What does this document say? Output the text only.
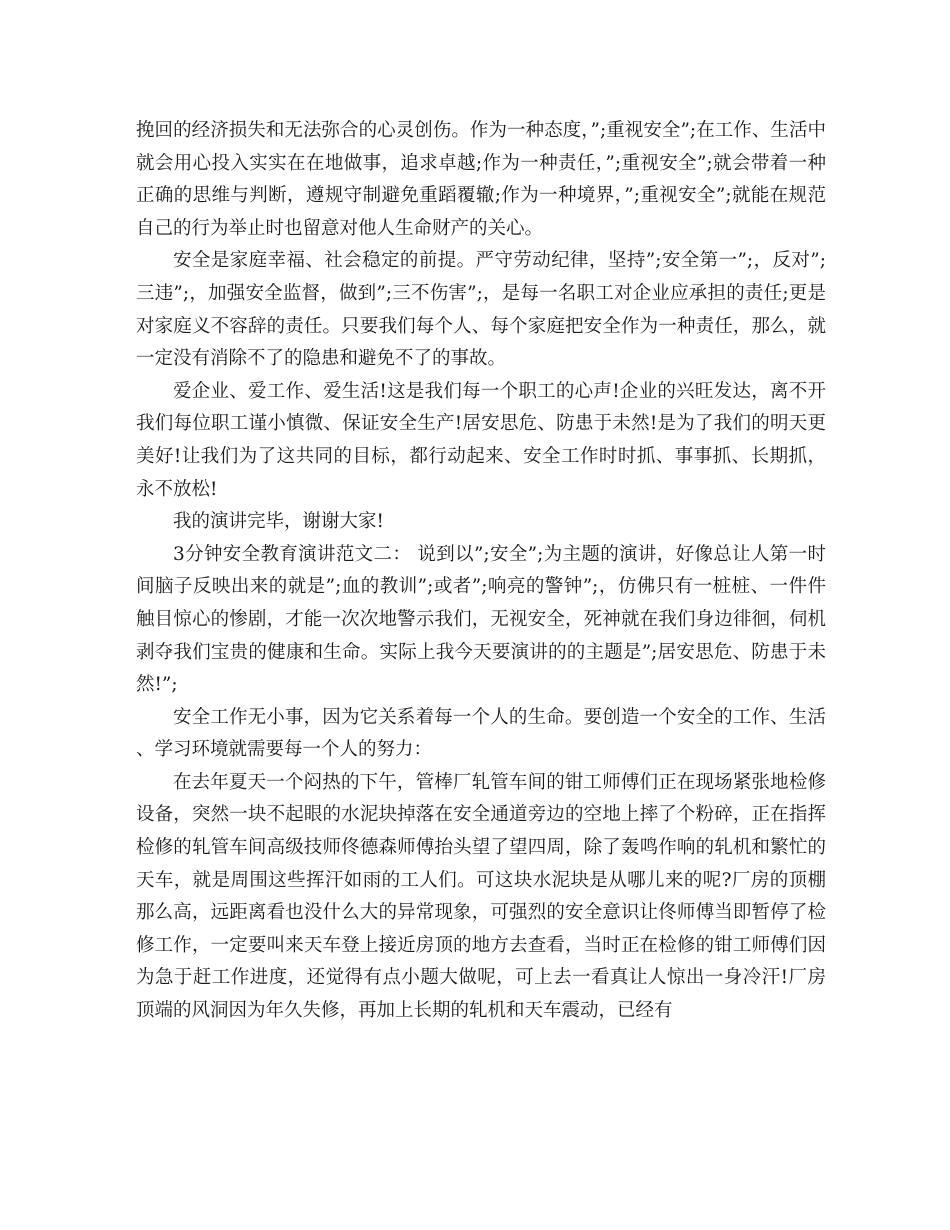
挽回的经济损失和无法弥合的心灵创伤。作为一种态度，”;重视安全”;在工作、生活中就会用心投入实实在在地做事，追求卓越;作为一种责任，”;重视安全”;就会带着一种正确的思维与判断，遵规守制避免重蹈覆辙;作为一种境界，”;重视安全”;就能在规范自己的行为举止时也留意对他人生命财产的关心。

安全是家庭幸福、社会稳定的前提。严守劳动纪律，坚持”;安全第一”;，反对”;三违”;，加强安全监督，做到”;三不伤害”;，是每一名职工对企业应承担的责任;更是对家庭义不容辞的责任。只要我们每个人、每个家庭把安全作为一种责任，那么，就一定没有消除不了的隐患和避免不了的事故。

爱企业、爱工作、爱生活!这是我们每一个职工的心声!企业的兴旺发达，离不开我们每位职工谨小慎微、保证安全生产!居安思危、防患于未然!是为了我们的明天更美好!让我们为了这共同的目标，都行动起来、安全工作时时抓、事事抓、长期抓，永不放松!

我的演讲完毕，谢谢大家!

3分钟安全教育演讲范文二： 说到以”;安全”;为主题的演讲，好像总让人第一时间脑子反映出来的就是”;血的教训”;或者”;响亮的警钟”;，仿佛只有一桩桩、一件件触目惊心的惨剧，才能一次次地警示我们，无视安全，死神就在我们身边徘徊，伺机剥夺我们宝贵的健康和生命。实际上我今天要演讲的的主题是”;居安思危、防患于未然!”;

安全工作无小事，因为它关系着每一个人的生命。要创造一个安全的工作、生活、学习环境就需要每一个人的努力：

在去年夏天一个闷热的下午，管棒厂轧管车间的钳工师傅们正在现场紧张地检修设备，突然一块不起眼的水泥块掉落在安全通道旁边的空地上摔了个粉碎，正在指挥检修的轧管车间高级技师佟德森师傅抬头望了望四周，除了轰鸣作响的轧机和繁忙的天车，就是周围这些挥汗如雨的工人们。可这块水泥块是从哪儿来的呢?厂房的顶棚那么高，远距离看也没什么大的异常现象，可强烈的安全意识让佟师傅当即暂停了检修工作，一定要叫来天车登上接近房顶的地方去查看，当时正在检修的钳工师傅们因为急于赶工作进度，还觉得有点小题大做呢，可上去一看真让人惊出一身冷汗!厂房顶端的风洞因为年久失修，再加上长期的轧机和天车震动，已经有
